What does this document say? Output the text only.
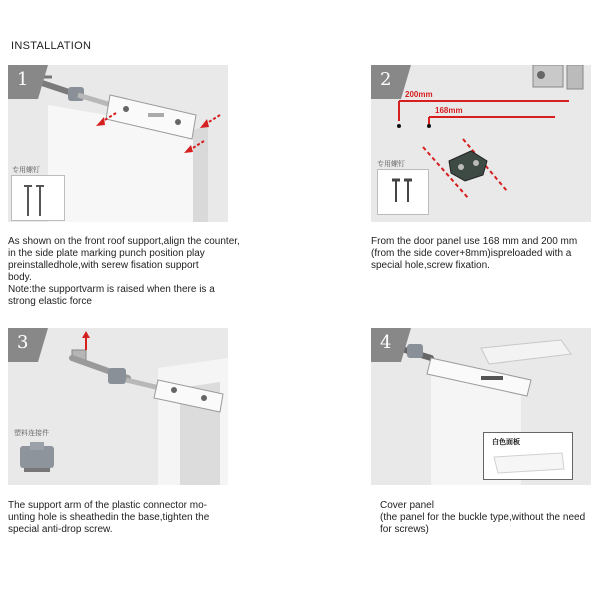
INSTALLATION
1
专用螺钉
As shown on the front roof support,align the counter,
in the side plate marking punch position play
preinstalledhole,with serew fisation support
body.
Note:the supportvarm is raised when there is a
strong elastic force
2
200mm
168mm
专用螺钉
From the door panel use 168 mm and 200 mm
(from the side cover+8mm)ispreloaded with a
special hole,screw fixation.
3
塑料连接件
The support arm of the plastic connector mo-
unting hole is sheathedin the base,tighten the
special anti-drop screw.
4
白色面板
Cover panel
(the panel for the buckle type,without the need
for screws)
